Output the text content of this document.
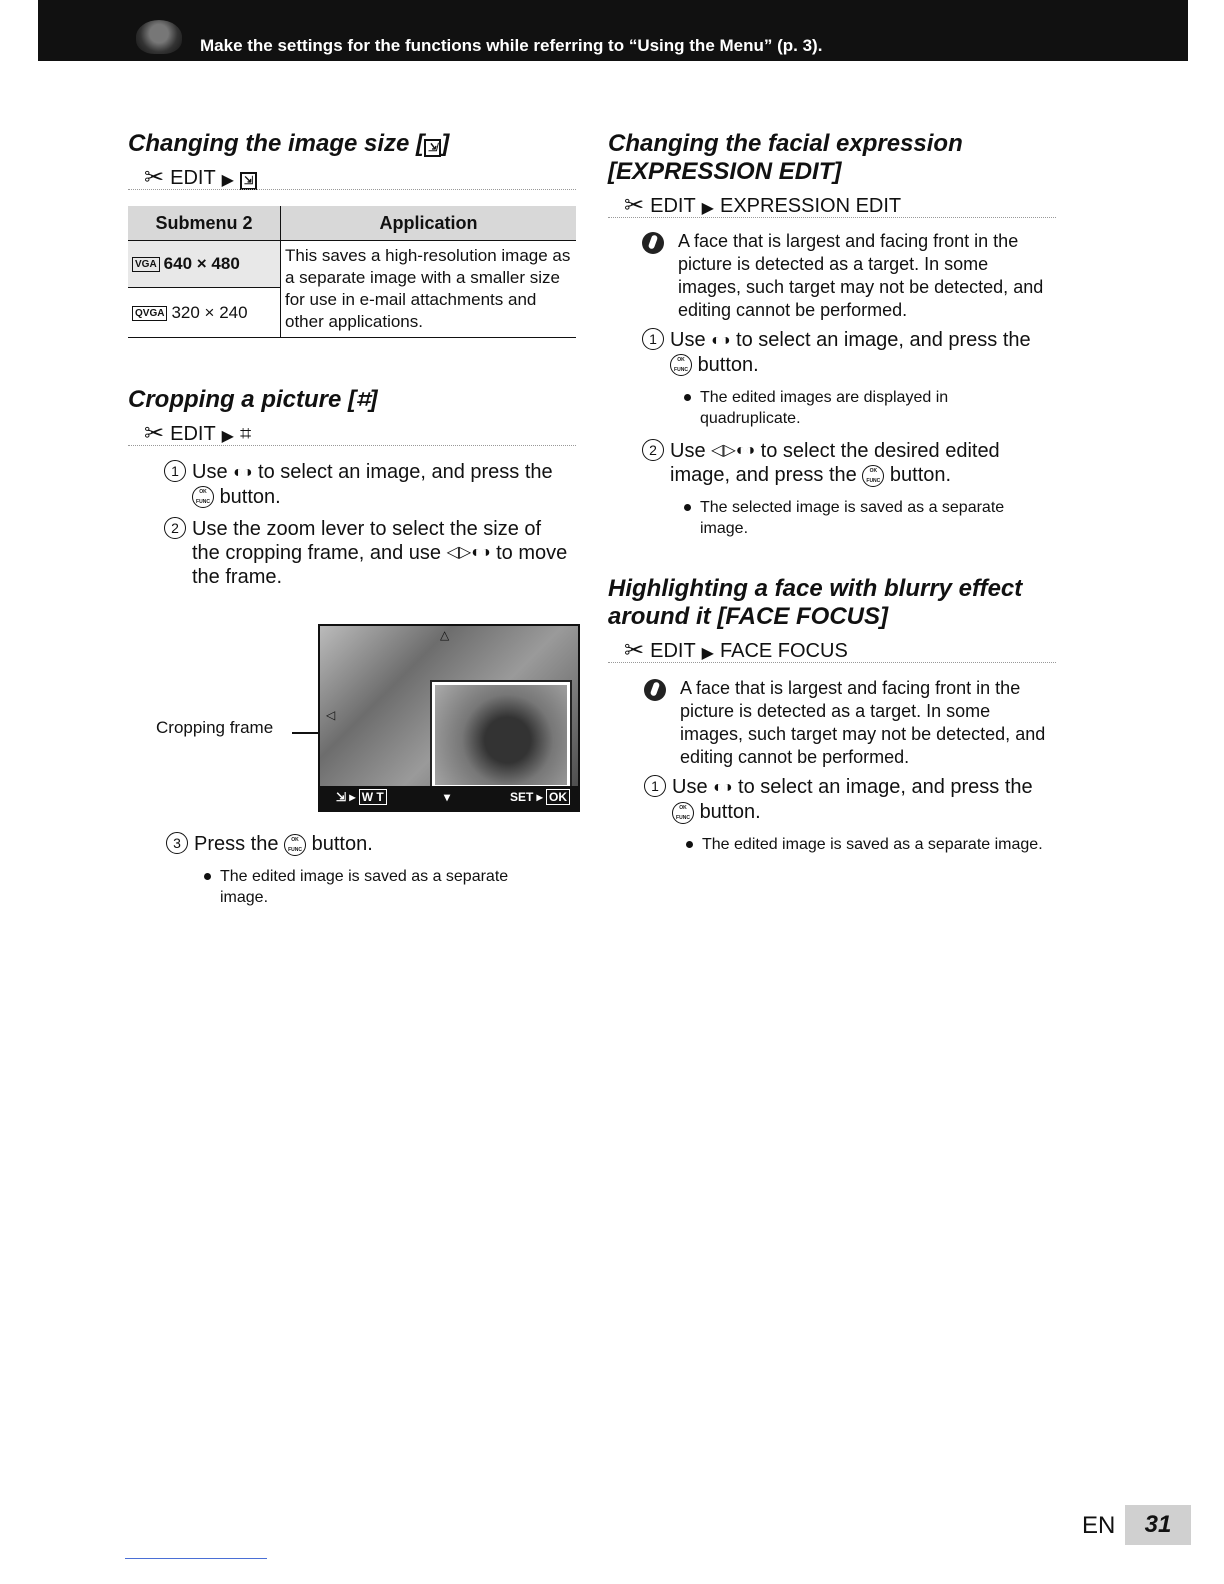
Make the settings for the functions while referring to “Using the Menu” (p. 3).
Changing the image size [ ⇲ ]
✂ EDIT ▶ ⇲
Submenu 2	Application
VGA 640 × 480	This saves a high-resolution image as a separate image with a smaller size for use in e-mail attachments and other applications.
QVGA 320 × 240	
Cropping a picture [⌗]
✂ EDIT ▶ ⌗
1 Use ◐◑ to select an image, and press the OK FUNC button.
2 Use the zoom lever to select the size of the cropping frame, and use ◁▷◐◑ to move the frame.
Cropping frame
△
◁
⇲ ▸ W T	▾	SET ▸ OK
3 Press the	OK FUNC button.
The edited image is saved as a separate image.
Changing the facial expression
[EXPRESSION EDIT]
✂ EDIT ▶ EXPRESSION EDIT
A face that is largest and facing front in the picture is detected as a target. In some images, such target may not be detected, and editing cannot be performed.
1 Use ◐◑ to select an image, and press the OK FUNC button.
The edited images are displayed in quadruplicate.
2 Use ◁▷◐◑ to select the desired edited image, and press the	OK FUNC button.
The selected image is saved as a separate image.
Highlighting a face with blurry effect
around it [FACE FOCUS]
✂ EDIT ▶ FACE FOCUS
A face that is largest and facing front in the picture is detected as a target. In some images, such target may not be detected, and editing cannot be performed.
1 Use ◐◑ to select an image, and press the OK FUNC button.
The edited image is saved as a separate image.
EN	31
